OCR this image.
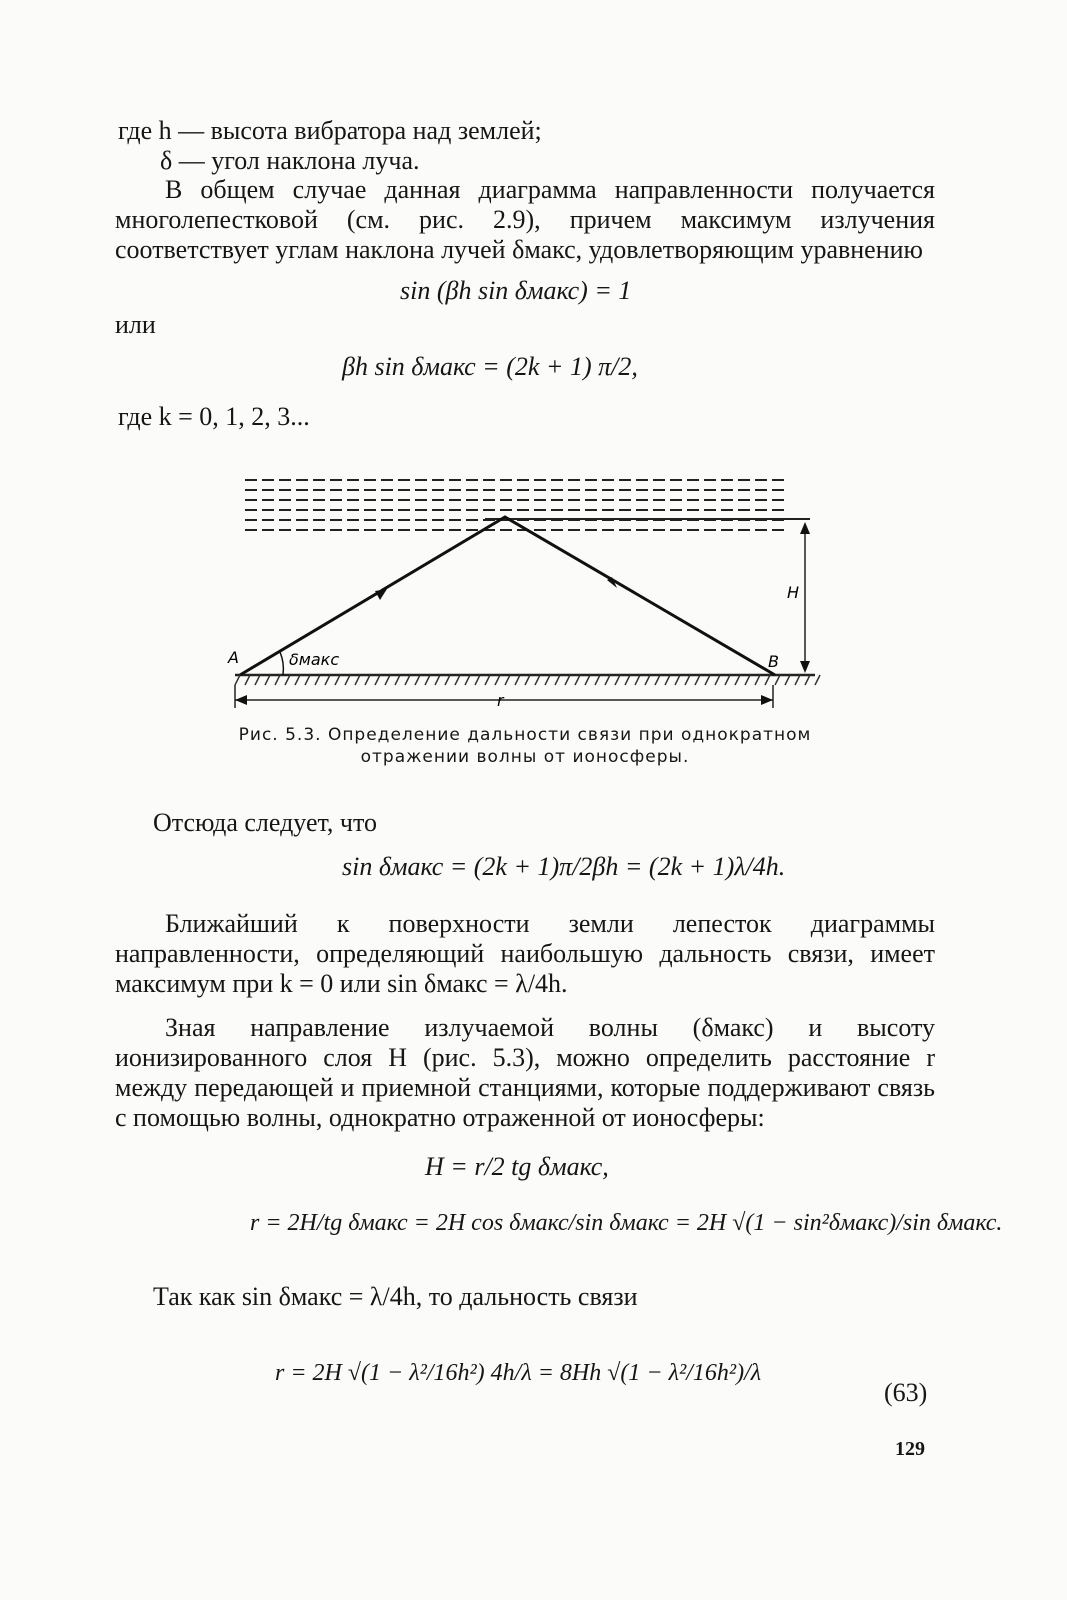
где h — высота вибратора над землей;
δ — угол наклона луча.
В общем случае данная диаграмма направленности получается многолепестковой (см. рис. 2.9), причем максимум излучения соответствует углам наклона лучей δмакс, удовлетворяющим уравнению
sin (βh sin δмакс) = 1
или
βh sin δмакс = (2k + 1) π/2,
где k = 0, 1, 2, 3...
A	B
δмакс
H
r
Рис. 5.3. Определение дальности связи при однократном отражении волны от ионосферы.
Отсюда следует, что
sin δмакс = (2k + 1)π/2βh = (2k + 1)λ/4h.
Ближайший к поверхности земли лепесток диаграммы направленности, определяющий наибольшую дальность связи, имеет максимум при k = 0 или sin δмакс = λ/4h.
Зная направление излучаемой волны (δмакс) и высоту ионизированного слоя H (рис. 5.3), можно определить расстояние r между передающей и приемной станциями, которые поддерживают связь с помощью волны, однократно отраженной от ионосферы:
H = r/2 tg δмакс,
r = 2H/tg δмакс = 2H cos δмакс/sin δмакс = 2H √(1 − sin²δмакс)/sin δмакс.
Так как sin δмакс = λ/4h, то дальность связи
r = 2H √(1 − λ²/16h²) 4h/λ = 8Hh √(1 − λ²/16h²)/λ
(63)
129
